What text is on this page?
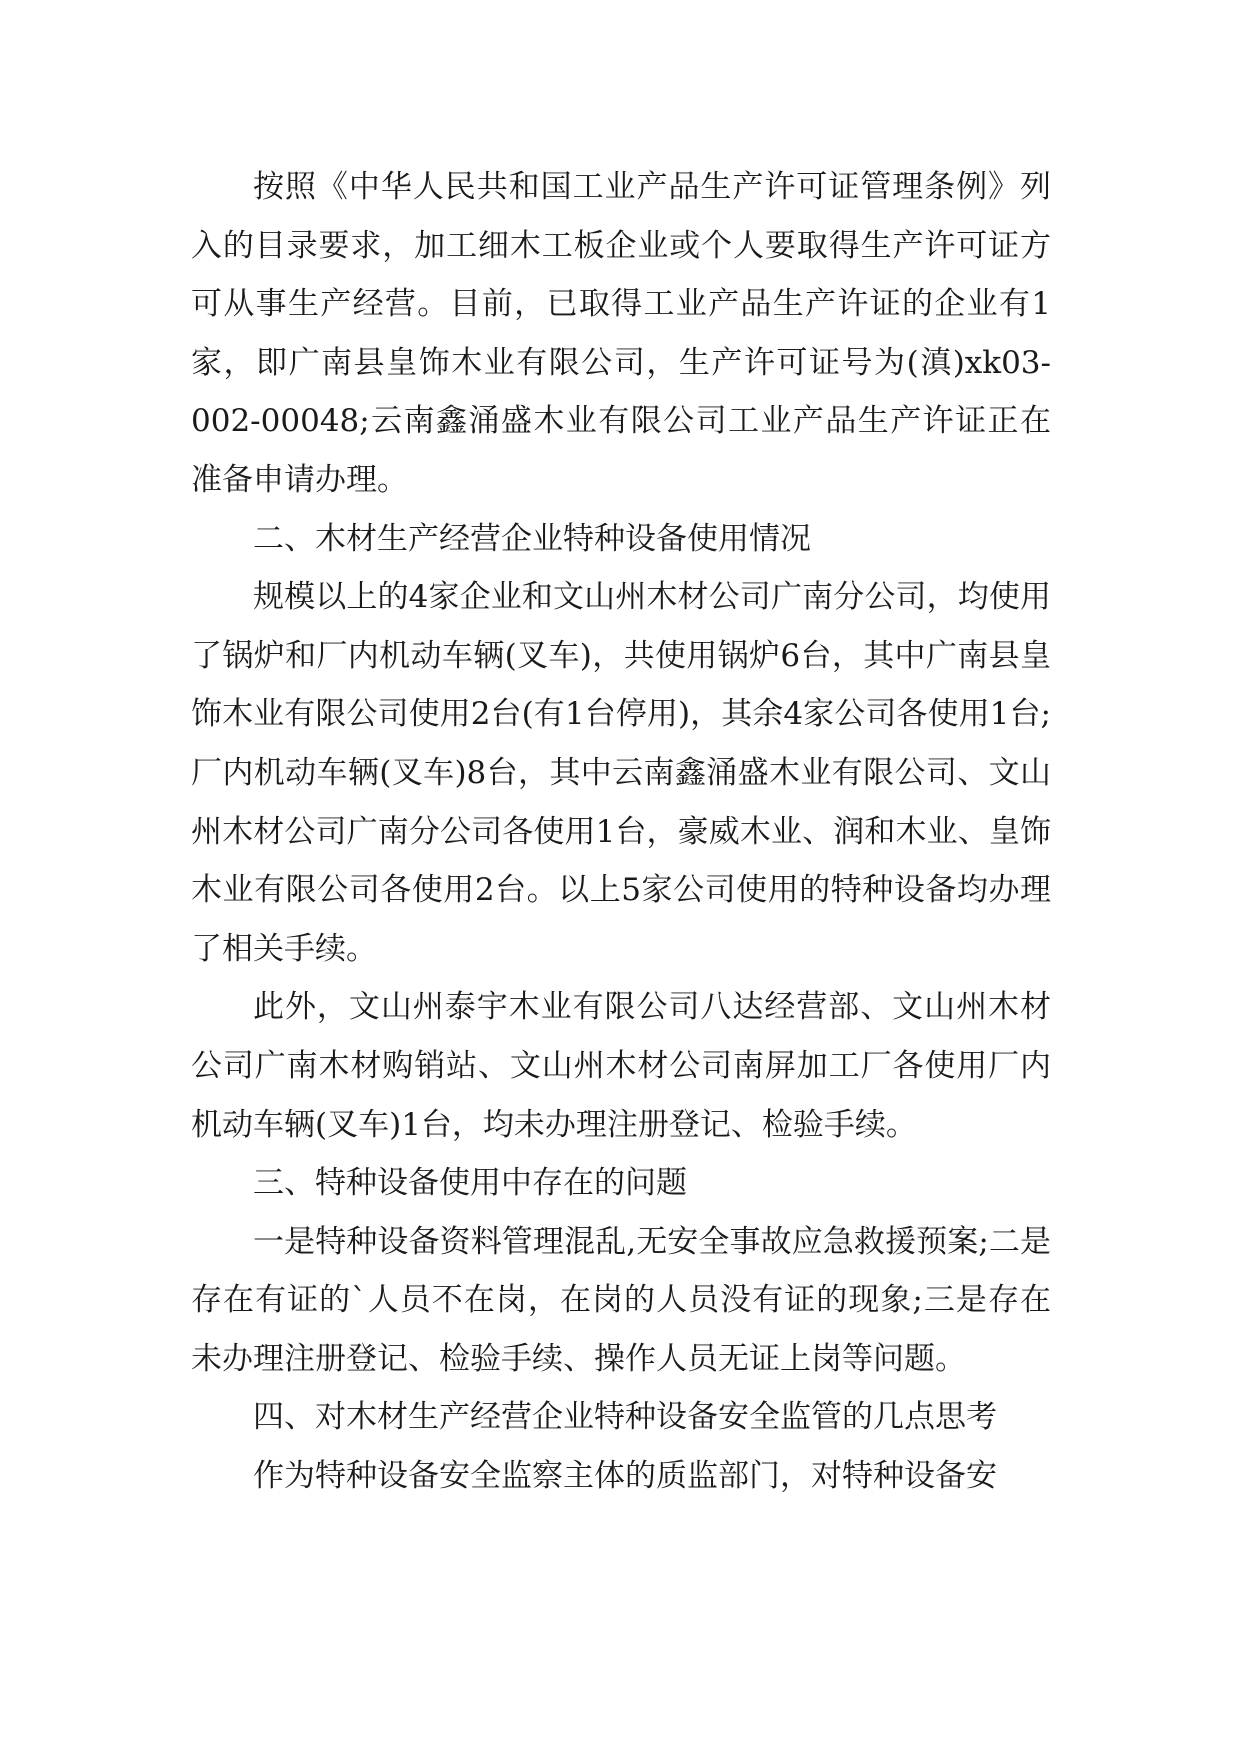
按照《中华人民共和国工业产品生产许可证管理条例》列入的目录要求，加工细木工板企业或个人要取得生产许可证方可从事生产经营。目前，已取得工业产品生产许证的企业有1家，即广南县皇饰木业有限公司，生产许可证号为(滇)xk03-002-00048;云南鑫涌盛木业有限公司工业产品生产许证正在准备申请办理。

二、木材生产经营企业特种设备使用情况

规模以上的4家企业和文山州木材公司广南分公司，均使用了锅炉和厂内机动车辆(叉车)，共使用锅炉6台，其中广南县皇饰木业有限公司使用2台(有1台停用)，其余4家公司各使用1台;厂内机动车辆(叉车)8台，其中云南鑫涌盛木业有限公司、文山州木材公司广南分公司各使用1台，豪威木业、润和木业、皇饰木业有限公司各使用2台。以上5家公司使用的特种设备均办理了相关手续。

此外，文山州泰宇木业有限公司八达经营部、文山州木材公司广南木材购销站、文山州木材公司南屏加工厂各使用厂内机动车辆(叉车)1台，均未办理注册登记、检验手续。

三、特种设备使用中存在的问题

一是特种设备资料管理混乱,无安全事故应急救援预案;二是存在有证的`人员不在岗，在岗的人员没有证的现象;三是存在未办理注册登记、检验手续、操作人员无证上岗等问题。

四、对木材生产经营企业特种设备安全监管的几点思考

作为特种设备安全监察主体的质监部门，对特种设备安
